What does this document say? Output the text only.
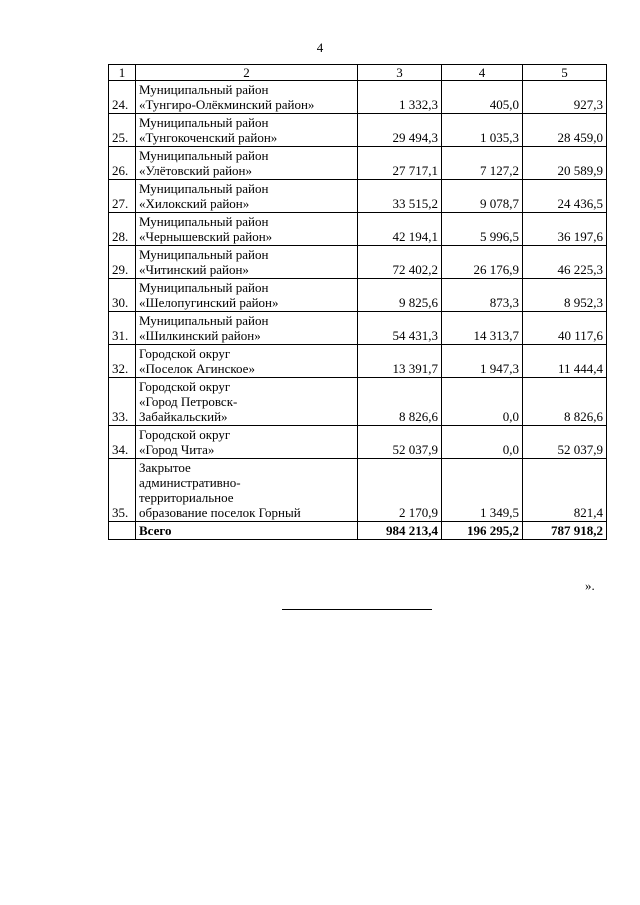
4
1	2	3	4	5
24.	Муниципальный район
«Тунгиро-Олёкминский район»	1 332,3	405,0	927,3
25.	Муниципальный район
«Тунгокоченский район»	29 494,3	1 035,3	28 459,0
26.	Муниципальный район
«Улётовский район»	27 717,1	7 127,2	20 589,9
27.	Муниципальный район
«Хилокский район»	33 515,2	9 078,7	24 436,5
28.	Муниципальный район
«Чернышевский район»	42 194,1	5 996,5	36 197,6
29.	Муниципальный район
«Читинский район»	72 402,2	26 176,9	46 225,3
30.	Муниципальный район
«Шелопугинский район»	9 825,6	873,3	8 952,3
31.	Муниципальный район
«Шилкинский район»	54 431,3	14 313,7	40 117,6
32.	Городской округ
«Поселок Агинское»	13 391,7	1 947,3	11 444,4
33.	Городской округ
«Город Петровск-
Забайкальский»	8 826,6	0,0	8 826,6
34.	Городской округ
«Город Чита»	52 037,9	0,0	52 037,9
35.	Закрытое
административно-
территориальное
образование поселок Горный	2 170,9	1 349,5	821,4
	Всего	984 213,4	196 295,2	787 918,2
».
